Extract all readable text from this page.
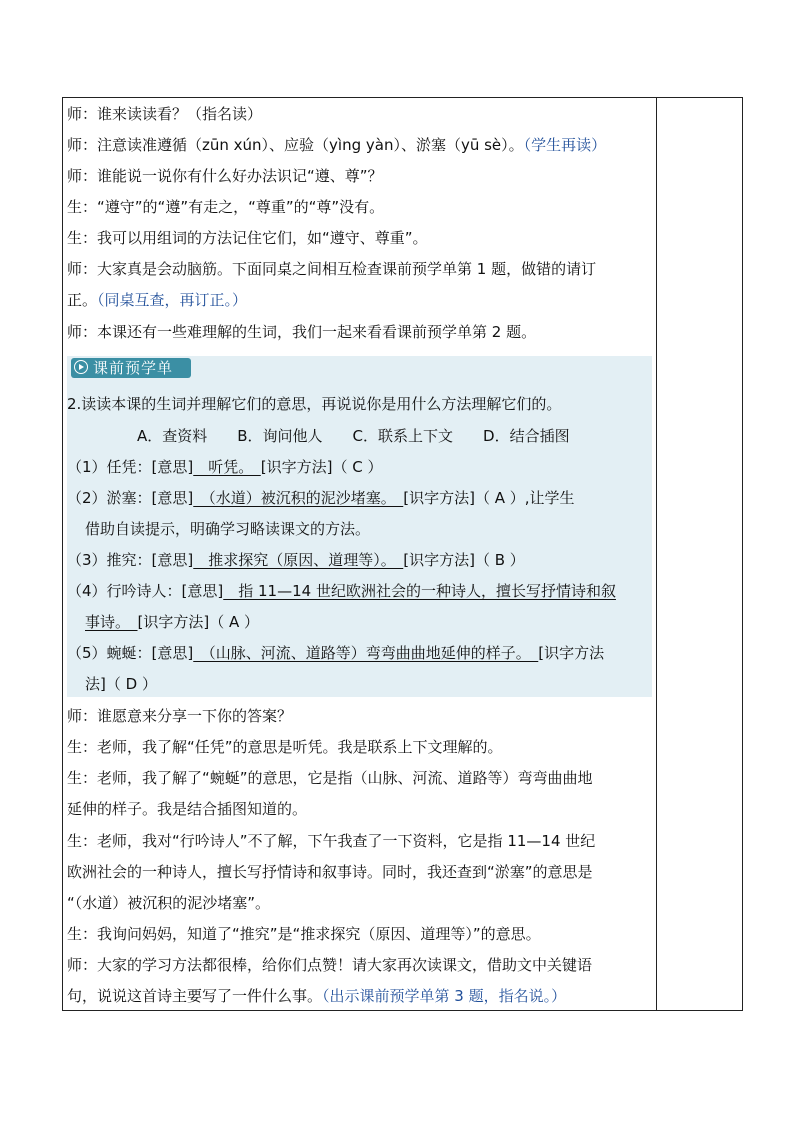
师：谁来读读看？（指名读）
师：注意读准遵循（zūn xún）、应验（yìng yàn）、淤塞（yū sè）。（学生再读）
师：谁能说一说你有什么好办法识记“遵、尊”？
生：“遵守”的“遵”有走之，“尊重”的“尊”没有。
生：我可以用组词的方法记住它们，如“遵守、尊重”。
师：大家真是会动脑筋。下面同桌之间相互检查课前预学单第 1 题，做错的请订
正。（同桌互查，再订正。）
师：本课还有一些难理解的生词，我们一起来看看课前预学单第 2 题。
课前预学单
2.读读本课的生词并理解它们的意思，再说说你是用什么方法理解它们的。
A．查资料　　B．询问他人　　C．联系上下文　　D．结合插图
（1）任凭：[意思]　听凭。　[识字方法]（ C ）
（2）淤塞：[意思]　（水道）被沉积的泥沙堵塞。　[识字方法]（ A ）,让学生
借助自读提示，明确学习略读课文的方法。
（3）推究：[意思]　推求探究（原因、道理等）。　[识字方法]（ B ）
（4）行吟诗人：[意思]　指 11—14 世纪欧洲社会的一种诗人，擅长写抒情诗和叙
事诗。　[识字方法]（ A ）
（5）蜿蜒：[意思]　（山脉、河流、道路等）弯弯曲曲地延伸的样子。　[识字方法
法]（ D ）
师：谁愿意来分享一下你的答案？
生：老师，我了解“任凭”的意思是听凭。我是联系上下文理解的。
生：老师，我了解了“蜿蜒”的意思，它是指（山脉、河流、道路等）弯弯曲曲地
延伸的样子。我是结合插图知道的。
生：老师，我对“行吟诗人”不了解，下午我查了一下资料，它是指 11—14 世纪
欧洲社会的一种诗人，擅长写抒情诗和叙事诗。同时，我还查到“淤塞”的意思是
“（水道）被沉积的泥沙堵塞”。
生：我询问妈妈，知道了“推究”是“推求探究（原因、道理等）”的意思。
师：大家的学习方法都很棒，给你们点赞！请大家再次读课文，借助文中关键语
句，说说这首诗主要写了一件什么事。（出示课前预学单第 3 题，指名说。）
